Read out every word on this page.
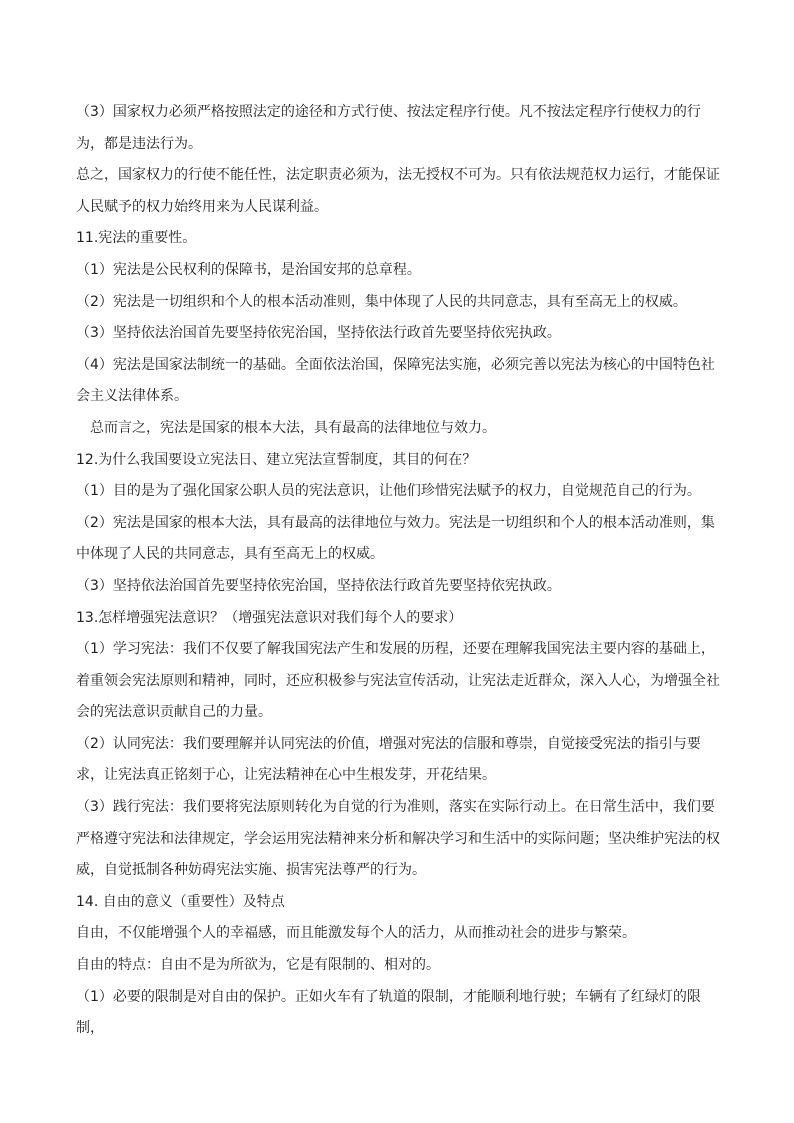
（3）国家权力必须严格按照法定的途径和方式行使、按法定程序行使。凡不按法定程序行使权力的行为，都是违法行为。

总之，国家权力的行使不能任性，法定职责必须为，法无授权不可为。只有依法规范权力运行，才能保证人民赋予的权力始终用来为人民谋利益。

11.宪法的重要性。

（1）宪法是公民权利的保障书，是治国安邦的总章程。

（2）宪法是一切组织和个人的根本活动准则，集中体现了人民的共同意志，具有至高无上的权威。

（3）坚持依法治国首先要坚持依宪治国，坚持依法行政首先要坚持依宪执政。

（4）宪法是国家法制统一的基础。全面依法治国，保障宪法实施，必须完善以宪法为核心的中国特色社会主义法律体系。

总而言之，宪法是国家的根本大法，具有最高的法律地位与效力。

12.为什么我国要设立宪法日、建立宪法宣誓制度，其目的何在？

（1）目的是为了强化国家公职人员的宪法意识，让他们珍惜宪法赋予的权力，自觉规范自己的行为。

（2）宪法是国家的根本大法，具有最高的法律地位与效力。宪法是一切组织和个人的根本活动准则，集中体现了人民的共同意志，具有至高无上的权威。

（3）坚持依法治国首先要坚持依宪治国，坚持依法行政首先要坚持依宪执政。

13.怎样增强宪法意识？（增强宪法意识对我们每个人的要求）

（1）学习宪法：我们不仅要了解我国宪法产生和发展的历程，还要在理解我国宪法主要内容的基础上，着重领会宪法原则和精神，同时，还应积极参与宪法宣传活动，让宪法走近群众，深入人心，为增强全社会的宪法意识贡献自己的力量。

（2）认同宪法：我们要理解并认同宪法的价值，增强对宪法的信服和尊崇，自觉接受宪法的指引与要求，让宪法真正铭刻于心，让宪法精神在心中生根发芽，开花结果。

（3）践行宪法：我们要将宪法原则转化为自觉的行为准则，落实在实际行动上。在日常生活中，我们要严格遵守宪法和法律规定，学会运用宪法精神来分析和解决学习和生活中的实际问题；坚决维护宪法的权威，自觉抵制各种妨碍宪法实施、损害宪法尊严的行为。

14. 自由的意义（重要性）及特点

自由，不仅能增强个人的幸福感，而且能激发每个人的活力，从而推动社会的进步与繁荣。

自由的特点：自由不是为所欲为，它是有限制的、相对的。

（1）必要的限制是对自由的保护。正如火车有了轨道的限制，才能顺利地行驶；车辆有了红绿灯的限制，
